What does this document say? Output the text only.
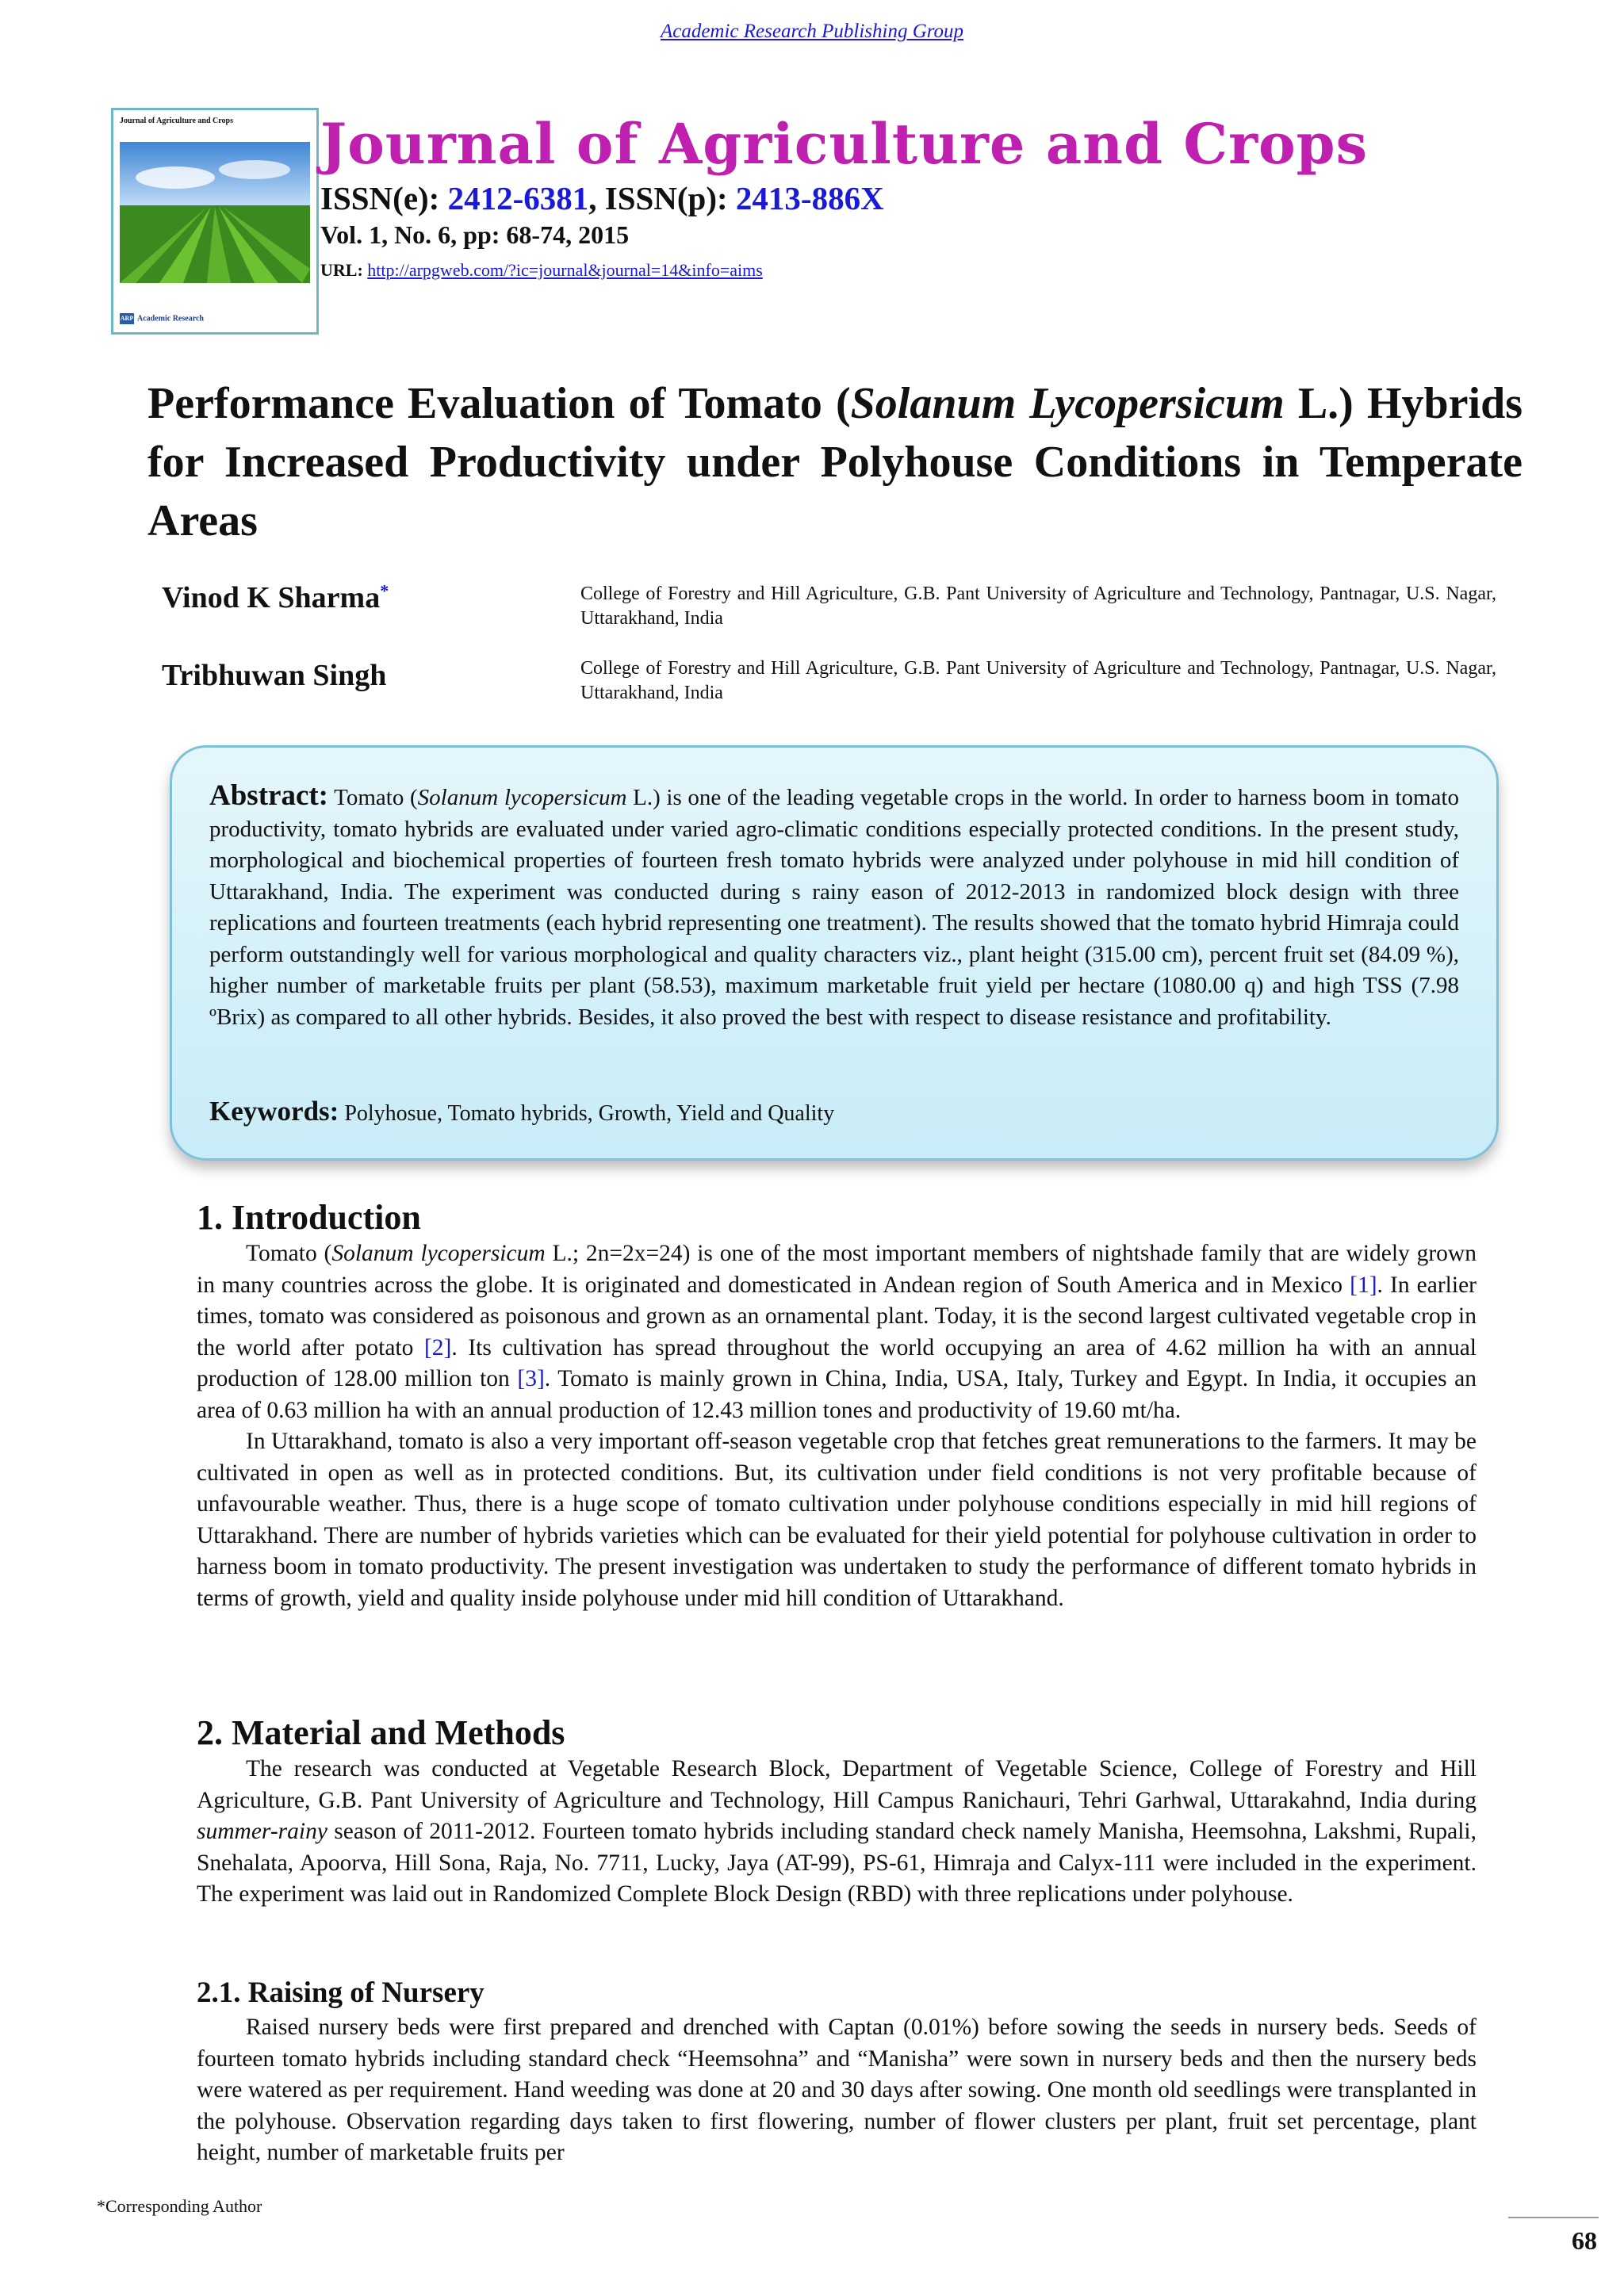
Academic Research Publishing Group
Journal of Agriculture and Crops
ARP Academic Research
Journal of Agriculture and Crops
ISSN(e): 2412-6381, ISSN(p): 2413-886X
Vol. 1, No. 6, pp: 68-74, 2015
URL: http://arpgweb.com/?ic=journal&journal=14&info=aims
Performance Evaluation of Tomato (Solanum Lycopersicum L.) Hybrids for Increased Productivity under Polyhouse Conditions in Temperate Areas
Vinod K Sharma*	College of Forestry and Hill Agriculture, G.B. Pant University of Agriculture and Technology, Pantnagar, U.S. Nagar, Uttarakhand, India
Tribhuwan Singh	College of Forestry and Hill Agriculture, G.B. Pant University of Agriculture and Technology, Pantnagar, U.S. Nagar, Uttarakhand, India
Abstract: Tomato (Solanum lycopersicum L.) is one of the leading vegetable crops in the world. In order to harness boom in tomato productivity, tomato hybrids are evaluated under varied agro-climatic conditions especially protected conditions. In the present study, morphological and biochemical properties of fourteen fresh tomato hybrids were analyzed under polyhouse in mid hill condition of Uttarakhand, India. The experiment was conducted during s rainy eason of 2012-2013 in randomized block design with three replications and fourteen treatments (each hybrid representing one treatment). The results showed that the tomato hybrid Himraja could perform outstandingly well for various morphological and quality characters viz., plant height (315.00 cm), percent fruit set (84.09 %), higher number of marketable fruits per plant (58.53), maximum marketable fruit yield per hectare (1080.00 q) and high TSS (7.98 ºBrix) as compared to all other hybrids. Besides, it also proved the best with respect to disease resistance and profitability.
Keywords: Polyhosue, Tomato hybrids, Growth, Yield and Quality
1. Introduction

Tomato (Solanum lycopersicum L.; 2n=2x=24) is one of the most important members of nightshade family that are widely grown in many countries across the globe. It is originated and domesticated in Andean region of South America and in Mexico [1]. In earlier times, tomato was considered as poisonous and grown as an ornamental plant. Today, it is the second largest cultivated vegetable crop in the world after potato [2]. Its cultivation has spread throughout the world occupying an area of 4.62 million ha with an annual production of 128.00 million ton [3]. Tomato is mainly grown in China, India, USA, Italy, Turkey and Egypt. In India, it occupies an area of 0.63 million ha with an annual production of 12.43 million tones and productivity of 19.60 mt/ha.

In Uttarakhand, tomato is also a very important off-season vegetable crop that fetches great remunerations to the farmers. It may be cultivated in open as well as in protected conditions. But, its cultivation under field conditions is not very profitable because of unfavourable weather. Thus, there is a huge scope of tomato cultivation under polyhouse conditions especially in mid hill regions of Uttarakhand. There are number of hybrids varieties which can be evaluated for their yield potential for polyhouse cultivation in order to harness boom in tomato productivity. The present investigation was undertaken to study the performance of different tomato hybrids in terms of growth, yield and quality inside polyhouse under mid hill condition of Uttarakhand.

2. Material and Methods

The research was conducted at Vegetable Research Block, Department of Vegetable Science, College of Forestry and Hill Agriculture, G.B. Pant University of Agriculture and Technology, Hill Campus Ranichauri, Tehri Garhwal, Uttarakahnd, India during summer-rainy season of 2011-2012. Fourteen tomato hybrids including standard check namely Manisha, Heemsohna, Lakshmi, Rupali, Snehalata, Apoorva, Hill Sona, Raja, No. 7711, Lucky, Jaya (AT-99), PS-61, Himraja and Calyx-111 were included in the experiment. The experiment was laid out in Randomized Complete Block Design (RBD) with three replications under polyhouse.

2.1. Raising of Nursery

Raised nursery beds were first prepared and drenched with Captan (0.01%) before sowing the seeds in nursery beds. Seeds of fourteen tomato hybrids including standard check “Heemsohna” and “Manisha” were sown in nursery beds and then the nursery beds were watered as per requirement. Hand weeding was done at 20 and 30 days after sowing. One month old seedlings were transplanted in the polyhouse. Observation regarding days taken to first flowering, number of flower clusters per plant, fruit set percentage, plant height, number of marketable fruits per

*Corresponding Author
68
